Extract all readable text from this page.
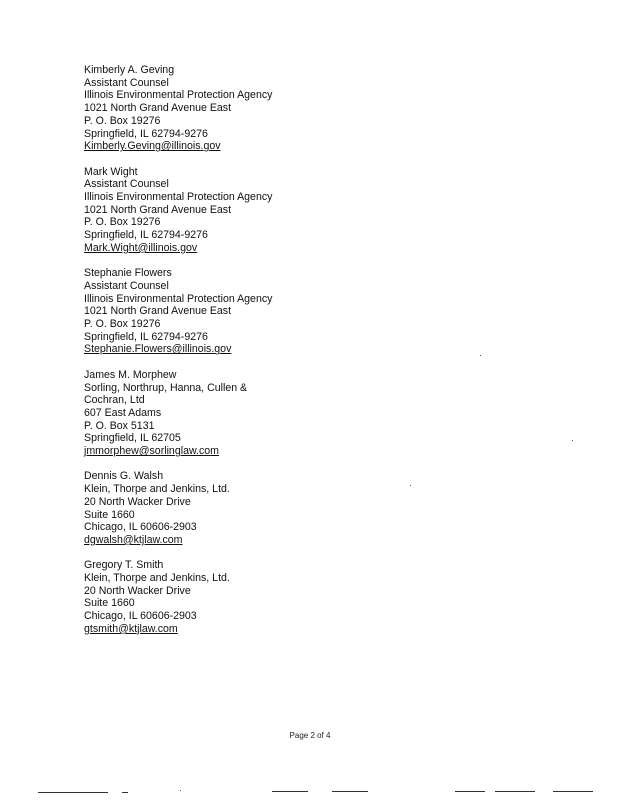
Kimberly A. Geving
Assistant Counsel
Illinois Environmental Protection Agency
1021 North Grand Avenue East
P. O. Box 19276
Springfield, IL 62794-9276
Kimberly.Geving@illinois.gov
Mark Wight
Assistant Counsel
Illinois Environmental Protection Agency
1021 North Grand Avenue East
P. O. Box 19276
Springfield, IL 62794-9276
Mark.Wight@illinois.gov
Stephanie Flowers
Assistant Counsel
Illinois Environmental Protection Agency
1021 North Grand Avenue East
P. O. Box 19276
Springfield, IL 62794-9276
Stephanie.Flowers@illinois.gov
James M. Morphew
Sorling, Northrup, Hanna, Cullen &
Cochran, Ltd
607 East Adams
P. O. Box 5131
Springfield, IL 62705
jmmorphew@sorlinglaw.com
Dennis G. Walsh
Klein, Thorpe and Jenkins, Ltd.
20 North Wacker Drive
Suite 1660
Chicago, IL 60606-2903
dgwalsh@ktjlaw.com
Gregory T. Smith
Klein, Thorpe and Jenkins, Ltd.
20 North Wacker Drive
Suite 1660
Chicago, IL 60606-2903
gtsmith@ktjlaw.com
Page 2 of 4
